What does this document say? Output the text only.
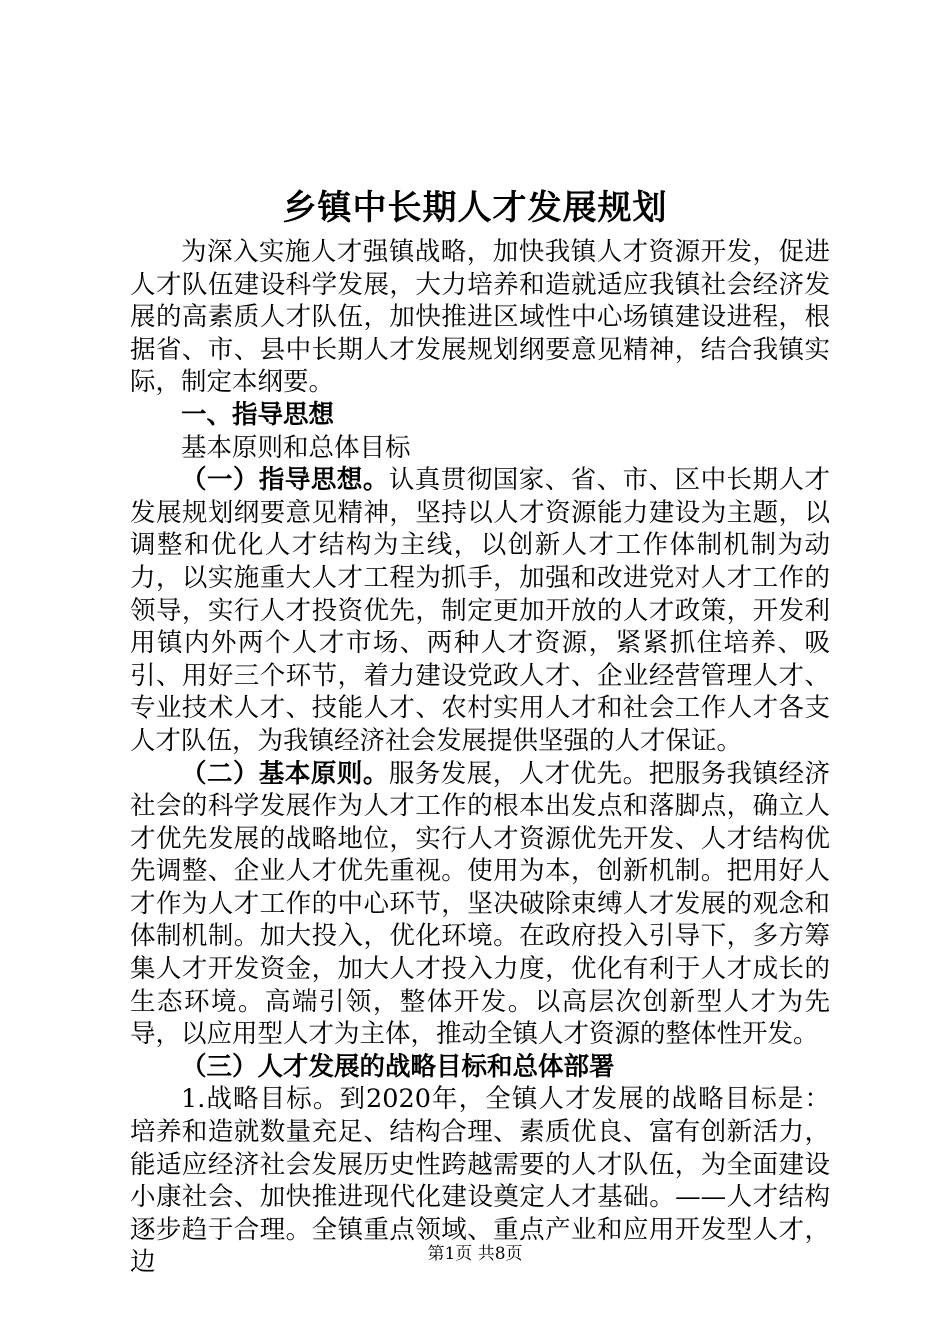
乡镇中长期人才发展规划

为深入实施人才强镇战略，加快我镇人才资源开发，促进人才队伍建设科学发展，大力培养和造就适应我镇社会经济发展的高素质人才队伍，加快推进区域性中心场镇建设进程，根据省、市、县中长期人才发展规划纲要意见精神，结合我镇实际，制定本纲要。

一、指导思想

基本原则和总体目标

（一）指导思想。认真贯彻国家、省、市、区中长期人才发展规划纲要意见精神，坚持以人才资源能力建设为主题，以调整和优化人才结构为主线，以创新人才工作体制机制为动力，以实施重大人才工程为抓手，加强和改进党对人才工作的领导，实行人才投资优先，制定更加开放的人才政策，开发利用镇内外两个人才市场、两种人才资源，紧紧抓住培养、吸引、用好三个环节，着力建设党政人才、企业经营管理人才、专业技术人才、技能人才、农村实用人才和社会工作人才各支人才队伍，为我镇经济社会发展提供坚强的人才保证。

（二）基本原则。服务发展，人才优先。把服务我镇经济社会的科学发展作为人才工作的根本出发点和落脚点，确立人才优先发展的战略地位，实行人才资源优先开发、人才结构优先调整、企业人才优先重视。使用为本，创新机制。把用好人才作为人才工作的中心环节，坚决破除束缚人才发展的观念和体制机制。加大投入，优化环境。在政府投入引导下，多方筹集人才开发资金，加大人才投入力度，优化有利于人才成长的生态环境。高端引领，整体开发。以高层次创新型人才为先导，以应用型人才为主体，推动全镇人才资源的整体性开发。

（三）人才发展的战略目标和总体部署

1.战略目标。到2020年，全镇人才发展的战略目标是：培养和造就数量充足、结构合理、素质优良、富有创新活力，能适应经济社会发展历史性跨越需要的人才队伍，为全面建设小康社会、加快推进现代化建设奠定人才基础。——人才结构逐步趋于合理。全镇重点领域、重点产业和应用开发型人才，边	第1页 共8页
